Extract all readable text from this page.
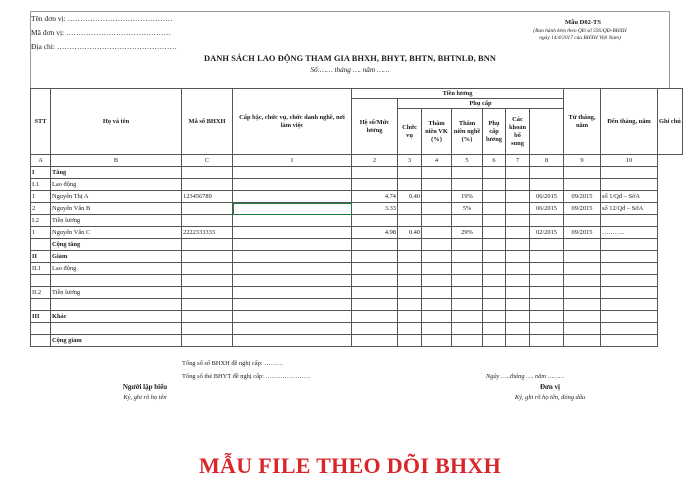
Tên đơn vị: ……………………………………
Mã đơn vị: ……………………………………
Địa chỉ: …………………………………………
Mẫu D02-TS
(Ban hành kèm theo QĐ số 595/QĐ-BHXH
ngày 14/4/2017 của BHXH Việt Nam)
DANH SÁCH LAO ĐỘNG THAM GIA BHXH, BHYT, BHTN, BHTNLĐ, BNN
Số:…… tháng …. năm ……
STT	Họ và tên	Mã số BHXH	Cấp bậc, chức vụ, chức danh nghề, nơi làm việc	Tiền lương							Từ tháng, năm	Đến tháng, năm	Ghi chú
				Hệ số/Mức lương	Phụ cấp								
					Chức vụ	Thâm niên VK (%)	Thâm niên nghề (%)	Phụ cấp lương	Các khoản bổ sung				
A	B	C	1	2	3	4	5	6	7	8	9	10	
I	Tăng												
I.1	Lao động												
1	Nguyễn Thị A	123456789		4.74	0.40		19%			06/2015	09/2015	số 1/Qđ – SởA	
2	Nguyễn Văn B			3.33			5%			06/2015	09/2015	số 12/Qđ – SởA	
I.2	Tiền lương												
1	Nguyễn Văn C	2222333333		4.98	0.40		29%			02/2015	09/2015	………..	
	Cộng tăng												
II	Giảm												
II.1	Lao động												

II.2	Tiền lương												

III	Khác												

	Cộng giảm												
Tổng số sổ BHXH đề nghị cấp: ………
Tổng số thẻ BHYT đề nghị cấp: …………………	Ngày …..tháng …. năm ………
Người lập biểu
Ký, ghi rõ họ tên
Đơn vị
Ký, ghi rõ họ tên, đóng dấu
MẪU FILE THEO DÕI BHXH
